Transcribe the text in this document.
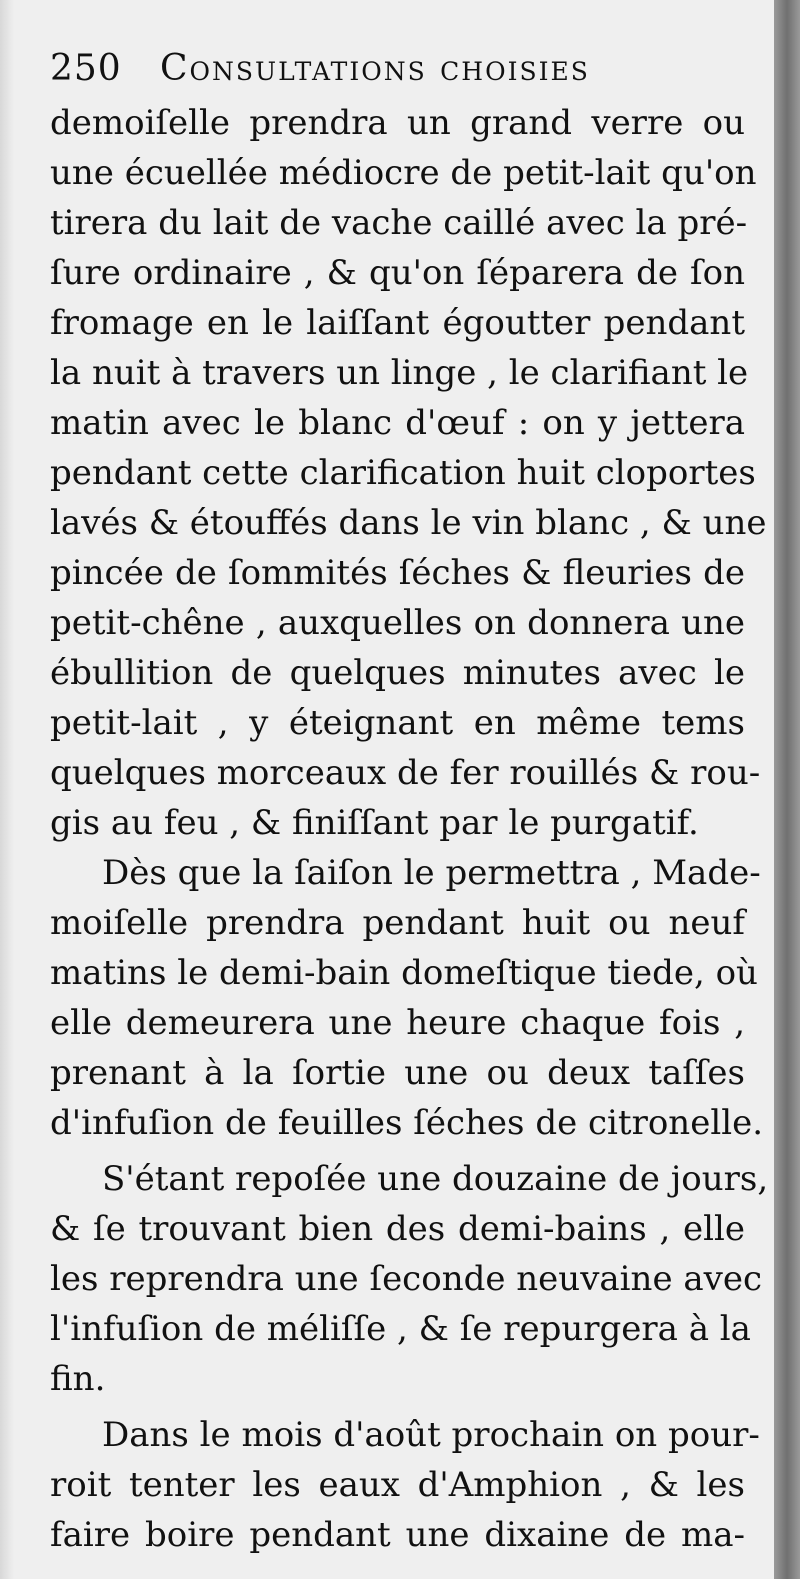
250	Consultations choisies
demoiſelle prendra un grand verre ou
une écuellée médiocre de petit-lait qu'on
tirera du lait de vache caillé avec la pré-
ſure ordinaire , & qu'on ſéparera de ſon
fromage en le laiſſant égoutter pendant
la nuit à travers un linge , le clarifiant le
matin avec le blanc d'œuf : on y jettera
pendant cette clarification huit cloportes
lavés & étouffés dans le vin blanc , & une
pincée de ſommités ſéches & fleuries de
petit-chêne , auxquelles on donnera une
ébullition de quelques minutes avec le
petit-lait , y éteignant en même tems
quelques morceaux de fer rouillés & rou-
gis au feu , & finiſſant par le purgatif.
Dès que la ſaiſon le permettra , Made-
moiſelle prendra pendant huit ou neuf
matins le demi-bain domeſtique tiede, où
elle demeurera une heure chaque fois ,
prenant à la ſortie une ou deux taſſes
d'infuſion de feuilles ſéches de citronelle.
S'étant repoſée une douzaine de jours,
& ſe trouvant bien des demi-bains , elle
les reprendra une ſeconde neuvaine avec
l'infuſion de méliſſe , & ſe repurgera à la
fin.
Dans le mois d'août prochain on pour-
roit tenter les eaux d'Amphion , & les
faire boire pendant une dixaine de ma-
